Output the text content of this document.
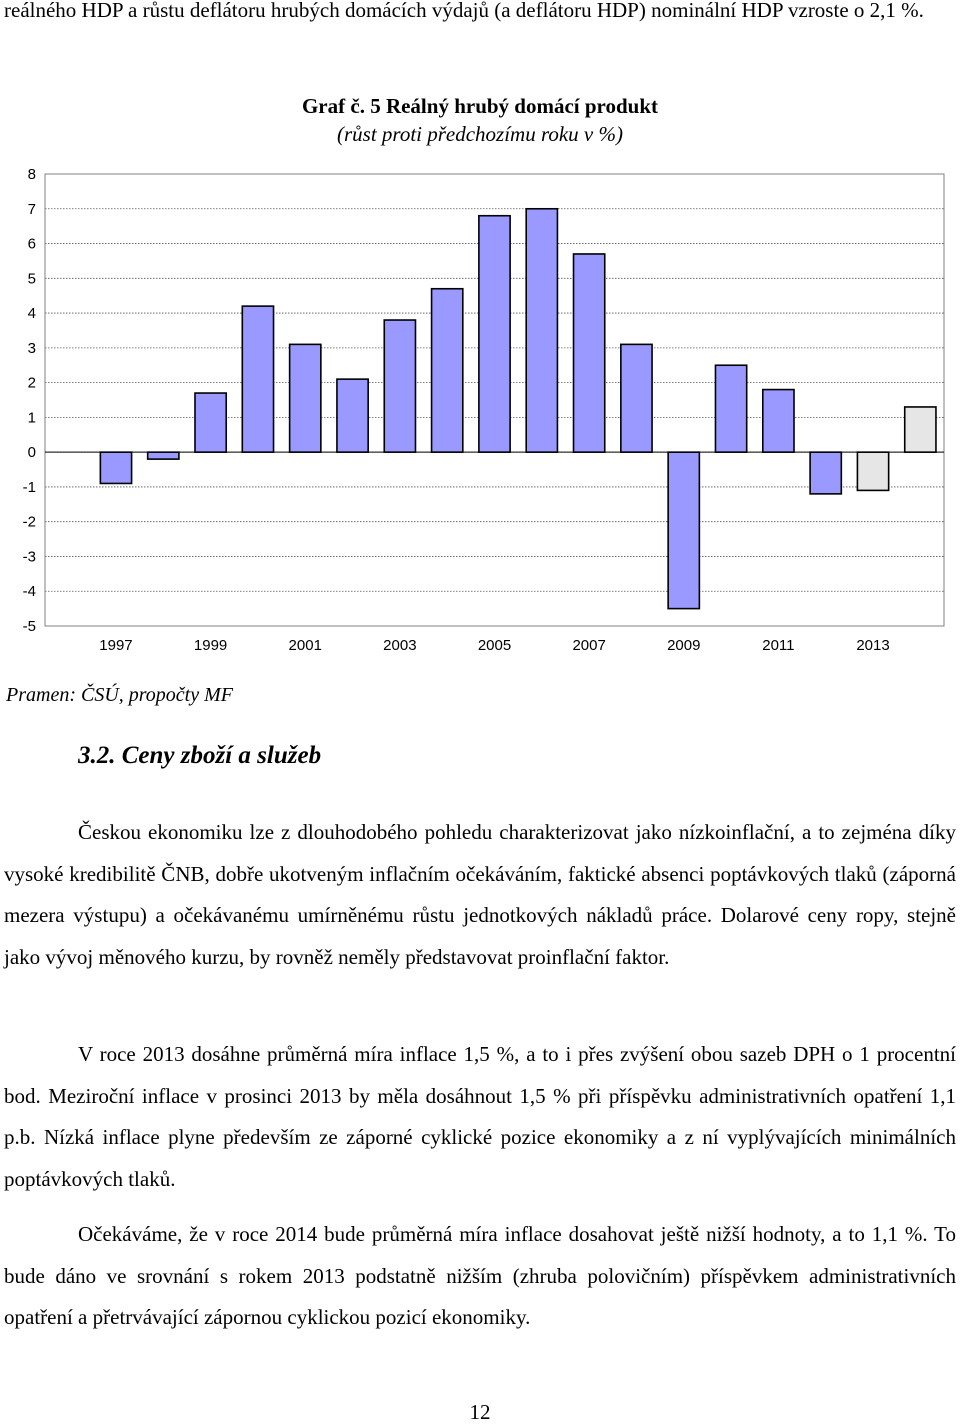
reálného HDP a růstu deflátoru hrubých domácích výdajů (a deflátoru HDP) nominální HDP vzroste o 2,1 %.
Graf č. 5 Reálný hrubý domácí produkt
(růst proti předchozímu roku v %)
8
7
6
5
4
3
2
1
0
-1
-2
-3
-4
-5
1997	1999	2001	2003	2005	2007	2009	2011	2013
Pramen: ČSÚ, propočty MF
3.2. Ceny zboží a služeb
Českou ekonomiku lze z dlouhodobého pohledu charakterizovat jako nízkoinflační, a to zejména díky vysoké kredibilitě ČNB, dobře ukotveným inflačním očekáváním, faktické absenci poptávkových tlaků (záporná mezera výstupu) a očekávanému umírněnému růstu jednotkových nákladů práce. Dolarové ceny ropy, stejně jako vývoj měnového kurzu, by rovněž neměly představovat proinflační faktor.
V roce 2013 dosáhne průměrná míra inflace 1,5 %, a to i přes zvýšení obou sazeb DPH o 1 procentní bod. Meziroční inflace v prosinci 2013 by měla dosáhnout 1,5 % při příspěvku administrativních opatření 1,1 p.b. Nízká inflace plyne především ze záporné cyklické pozice ekonomiky a z ní vyplývajících minimálních poptávkových tlaků.
Očekáváme, že v roce 2014 bude průměrná míra inflace dosahovat ještě nižší hodnoty, a to 1,1 %. To bude dáno ve srovnání s rokem 2013 podstatně nižším (zhruba polovičním) příspěvkem administrativních opatření a přetrvávající zápornou cyklickou pozicí ekonomiky.
12
